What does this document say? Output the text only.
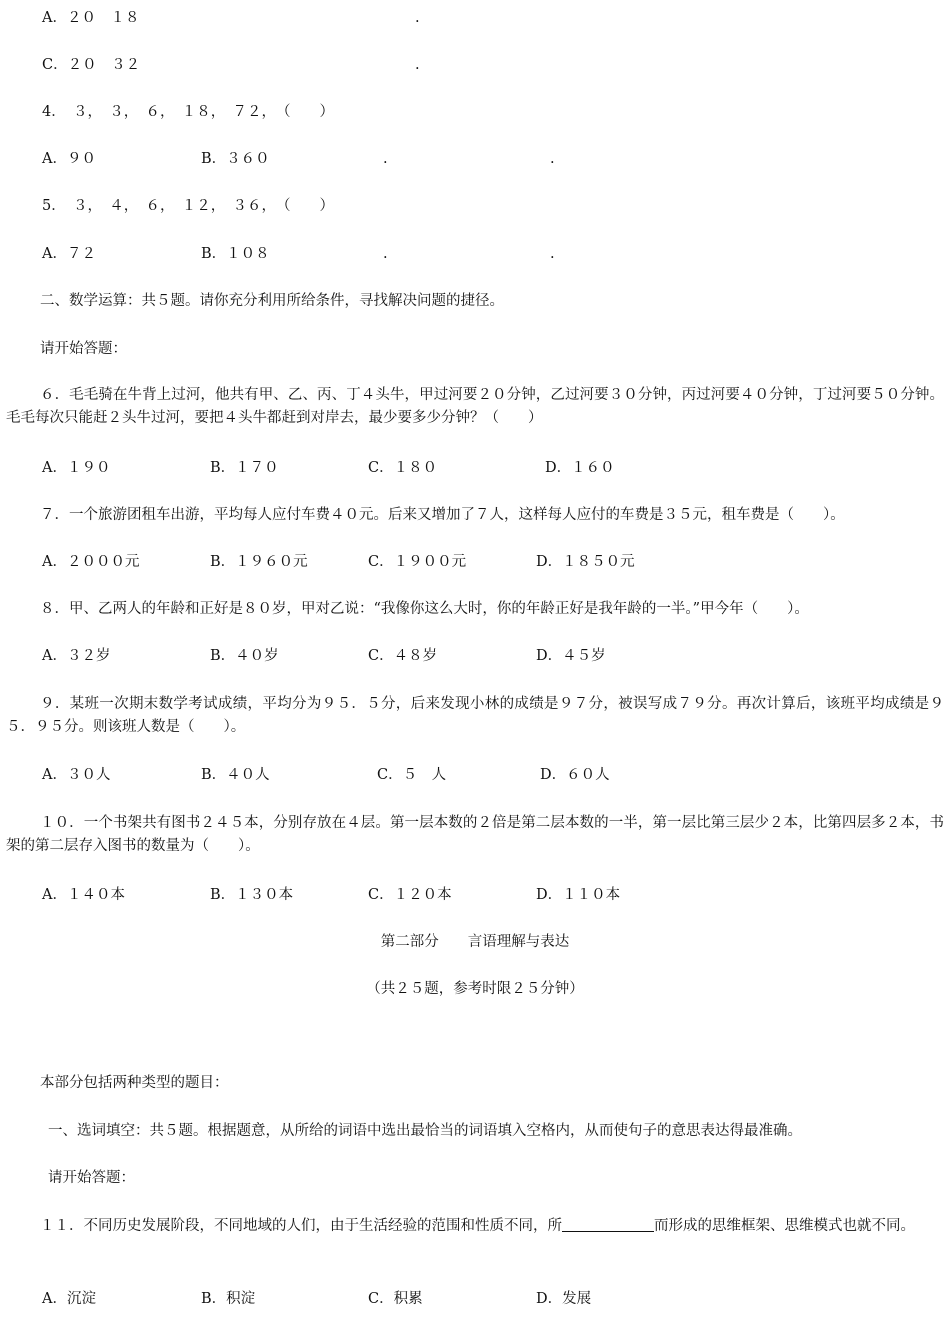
A．２０　１８	.
C．２０　３２	.
4．　３，　３，　６，　１８，　７２，　（　　）
A．９０	B．３６０	.	.
5．　３，　４，　６，　１２，　３６，　（　　）
A．７２	B．１０８	.	.
二、数学运算：共５题。请你充分利用所给条件，寻找解决问题的捷径。
请开始答题：
６．毛毛骑在牛背上过河，他共有甲、乙、丙、丁４头牛，甲过河要２０分钟，乙过河要３０分钟，丙过河要４０分钟，丁过河要５０分钟。毛毛每次只能赶２头牛过河，要把４头牛都赶到对岸去，最少要多少分钟？（　　）
A．１９０	B．１７０	C．１８０	D．１６０
７．一个旅游团租车出游，平均每人应付车费４０元。后来又增加了７人，这样每人应付的车费是３５元，租车费是（　　）。
A．２０００元	B．１９６０元	C．１９００元	D．１８５０元
８．甲、乙两人的年龄和正好是８０岁，甲对乙说：“我像你这么大时，你的年龄正好是我年龄的一半。”甲今年（　　）。
A．３２岁	B．４０岁	C．４８岁	D．４５岁
９．某班一次期末数学考试成绩，平均分为９５．５分，后来发现小林的成绩是９７分，被误写成７９分。再次计算后，该班平均成绩是９５．９５分。则该班人数是（　　）。
A．３０人	B．４０人	C．５　人	D．６０人
１０．一个书架共有图书２４５本，分别存放在４层。第一层本数的２倍是第二层本数的一半，第一层比第三层少２本，比第四层多２本，书架的第二层存入图书的数量为（　　）。
A．１４０本	B．１３０本	C．１２０本	D．１１０本
第二部分　　言语理解与表达
（共２５题，参考时限２５分钟）
本部分包括两种类型的题目：
一、选词填空：共５题。根据题意，从所给的词语中选出最恰当的词语填入空格内，从而使句子的意思表达得最准确。
请开始答题：
１１．不同历史发展阶段，不同地域的人们，由于生活经验的范围和性质不同，所	而形成的思维框架、思维模式也就不同。
A．沉淀	B．积淀	C．积累	D．发展
